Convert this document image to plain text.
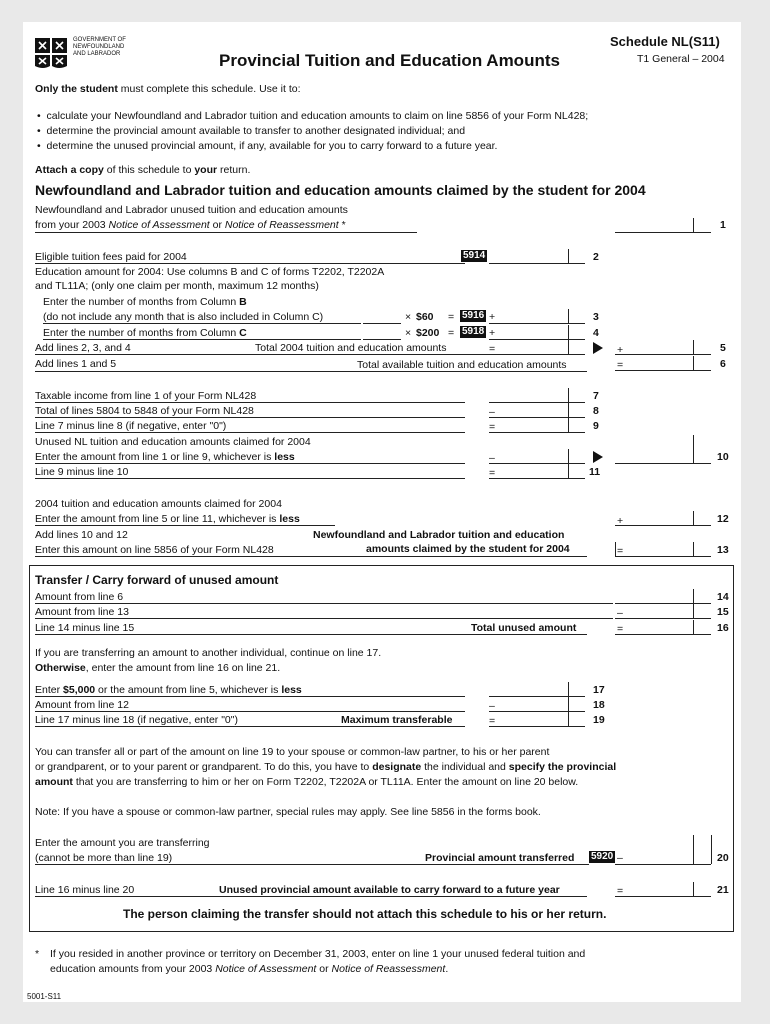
GOVERNMENT OF
NEWFOUNDLAND
AND LABRADOR	Provincial Tuition and Education Amounts
Schedule NL(S11)
T1 General – 2004
Only the student must complete this schedule. Use it to:
•  calculate your Newfoundland and Labrador tuition and education amounts to claim on line 5856 of your Form NL428;
•  determine the provincial amount available to transfer to another designated individual; and
•  determine the unused provincial amount, if any, available for you to carry forward to a future year.
Attach a copy of this schedule to your return.
Newfoundland and Labrador tuition and education amounts claimed by the student for 2004
Newfoundland and Labrador unused tuition and education amounts
from your 2003 Notice of Assessment or Notice of Reassessment *	1
Eligible tuition fees paid for 2004	5914	2
Education amount for 2004: Use columns B and C of forms T2202, T2202A
and TL11A; (only one claim per month, maximum 12 months)
Enter the number of months from Column B
(do not include any month that is also included in Column C)	× $60 = 5916 +	3
Enter the number of months from Column C	× $200 = 5918 +	4
Add lines 2, 3, and 4	Total 2004 tuition and education amounts	=	+	5
Add lines 1 and 5	Total available tuition and education amounts	=	6
Taxable income from line 1 of your Form NL428	7
Total of lines 5804 to 5848 of your Form NL428	–	8
Line 7 minus line 8 (if negative, enter "0")	=	9
Unused NL tuition and education amounts claimed for 2004
Enter the amount from line 1 or line 9, whichever is less	–	10
Line 9 minus line 10	=	11
2004 tuition and education amounts claimed for 2004
Enter the amount from line 5 or line 11, whichever is less	+	12
Add lines 10 and 12
Enter this amount on line 5856 of your Form NL428
Newfoundland and Labrador tuition and education
amounts claimed by the student for 2004	=	13
Transfer / Carry forward of unused amount
Amount from line 6	14
Amount from line 13	–	15
Line 14 minus line 15	Total unused amount	=	16
If you are transferring an amount to another individual, continue on line 17.
Otherwise, enter the amount from line 16 on line 21.
Enter $5,000 or the amount from line 5, whichever is less	17
Amount from line 12	–	18
Line 17 minus line 18 (if negative, enter "0")	Maximum transferable	=	19
You can transfer all or part of the amount on line 19 to your spouse or common-law partner, to his or her parent
or grandparent, or to your parent or grandparent. To do this, you have to designate the individual and specify the provincial
amount that you are transferring to him or her on Form T2202, T2202A or TL11A. Enter the amount on line 20 below.
Note: If you have a spouse or common-law partner, special rules may apply. See line 5856 in the forms book.
Enter the amount you are transferring
(cannot be more than line 19)	Provincial amount transferred 5920 –	20
Line 16 minus line 20	Unused provincial amount available to carry forward to a future year	=	21
The person claiming the transfer should not attach this schedule to his or her return.
* If you resided in another province or territory on December 31, 2003, enter on line 1 your unused federal tuition and
education amounts from your 2003 Notice of Assessment or Notice of Reassessment.
5001-S11
